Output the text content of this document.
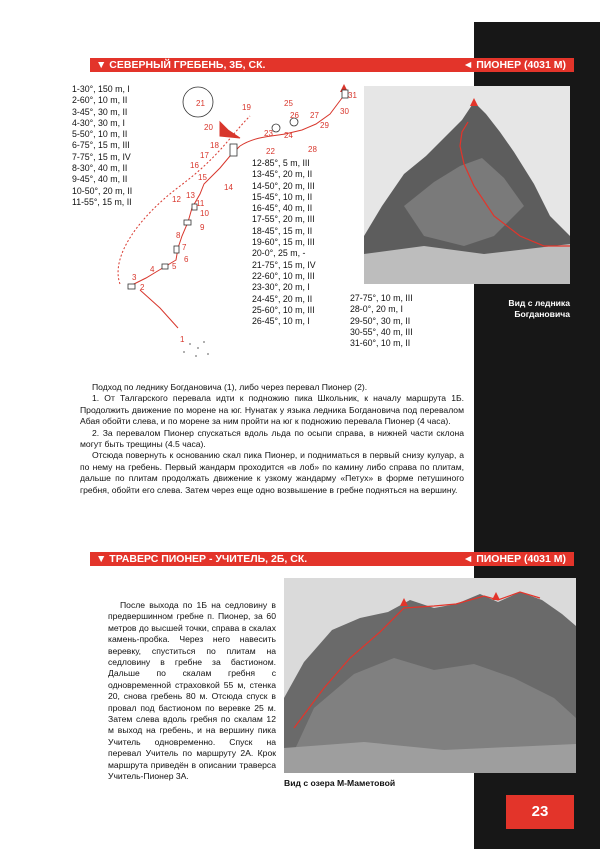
▼ СЕВЕРНЫЙ ГРЕБЕНЬ, 3Б, СК.	◄ ПИОНЕР (4031 М)
1-30°, 150 m, I
2-60°, 10 m, II
3-45°, 30 m, II
4-30°, 30 m, I
5-50°, 10 m, II
6-75°, 15 m, III
7-75°, 15 m, IV
8-30°, 40 m, II
9-45°, 40 m, II
10-50°, 20 m, II
11-55°, 15 m, II
12-85°, 5 m, III
13-45°, 20 m, II
14-50°, 20 m, III
15-45°, 10 m, II
16-45°, 40 m, II
17-55°, 20 m, III
18-45°, 15 m, II
19-60°, 15 m, III
20-0°, 25 m, -
21-75°, 15 m, IV
22-60°, 10 m, III
23-30°, 20 m, I
24-45°, 20 m, II
25-60°, 10 m, III
26-45°, 10 m, I
27-75°, 10 m, III
28-0°, 20 m, I
29-50°, 30 m, II
30-55°, 40 m, III
31-60°, 10 m, II
1
2
3
4 5
6
7
8
9
10
11
12 13
14
15
16
17
18
19
20
21
22
23 24
25
26 27
28
29
30
31
Вид с ледника Богдановича

Подход по леднику Богдановича (1), либо через перевал Пионер (2).

1. От Талгарского перевала идти к подножию пика Школьник, к началу маршрута 1Б. Продолжить движение по морене на юг. Нунатак у языка ледника Богдановича под перевалом Абая обойти слева, и по морене за ним пройти на юг к подножию перевала Пионер (4 часа).

2. За перевалом Пионер спускаться вдоль льда по осыпи справа, в нижней части склона могут быть трещины (4.5 часа).

Отсюда повернуть к основанию скал пика Пионер, и подниматься в первый снизу кулуар, а по нему на гребень. Первый жандарм проходится «в лоб» по камину либо справа по плитам, дальше по плитам продолжать движение к узкому жандарму «Петух» в форме петушиного гребня, обойти его слева. Затем через еще одно возвышение в гребне подняться на вершину.

▼ ТРАВЕРС ПИОНЕР - УЧИТЕЛЬ, 2Б, СК.	◄ ПИОНЕР (4031 М)

После выхода по 1Б на седловину в предвершинном гребне п. Пионер, за 60 метров до высшей точки, справа в скалах камень-пробка. Через него навесить веревку, спуститься по плитам на седловину в гребне за бастионом. Дальше по скалам гребня с одновременной страховкой 55 м, стенка 20, снова гребень 80 м. Отсюда спуск в провал под бастионом по веревке 25 м. Затем слева вдоль гребня по скалам 12 м выход на гребень, и на вершину пика Учитель одновременно. Спуск на перевал Учитель по маршруту 2А. Крок маршрута приведён в описании траверса Учитель-Пионер 3А.

Вид с озера М-Маметовой
23
